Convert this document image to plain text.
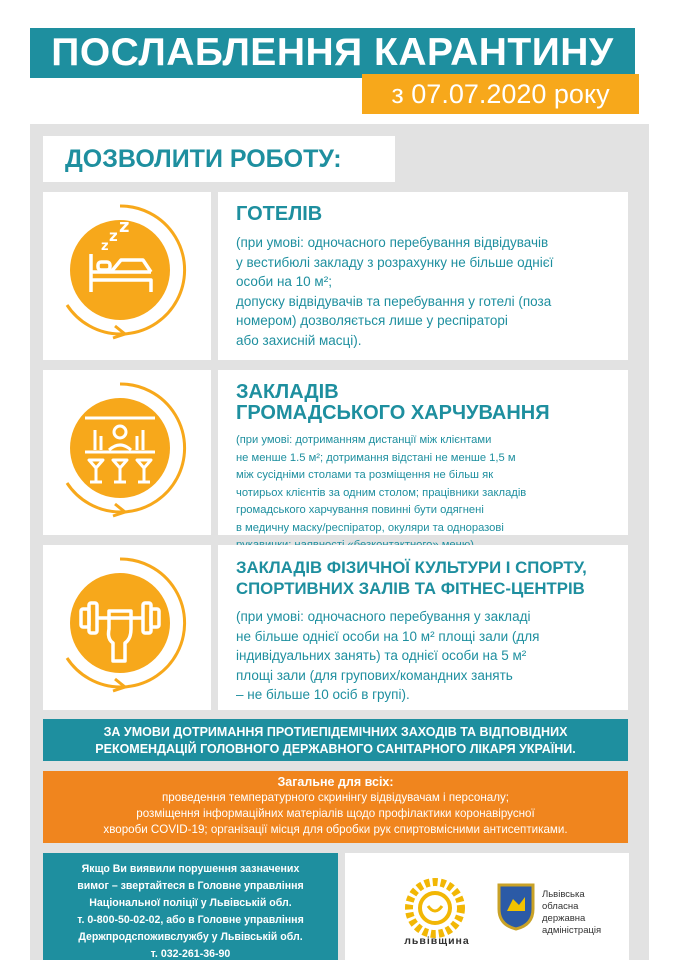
ПОСЛАБЛЕННЯ КАРАНТИНУ
з 07.07.2020 року
ДОЗВОЛИТИ РОБОТУ:
z
z z
ГОТЕЛІВ
(при умові: одночасного перебування відвідувачів
у вестибюлі закладу з розрахунку не більше однієї
особи на 10 м²;
допуску відвідувачів та перебування у готелі (поза
номером) дозволяється лише у респіраторі
або захисній масці).
ЗАКЛАДІВ
ГРОМАДСЬКОГО ХАРЧУВАННЯ
(при умові: дотриманням дистанції між клієнтами
не менше 1.5 м²; дотримання відстані не менше 1,5 м
між сусідніми столами та розміщення не більш як
чотирьох клієнтів за одним столом; працівники закладів
громадського харчування повинні бути одягнені
в медичну маску/респіратор, окуляри та одноразові

ЗАКЛАДІВ ФІЗИЧНОЇ КУЛЬТУРИ І СПОРТУ,
СПОРТИВНИХ ЗАЛІВ ТА ФІТНЕС-ЦЕНТРІВ
(при умові: одночасного перебування у закладі
не більше однієї особи на 10 м² площі зали (для
індивідуальних занять) та однієї особи на 5 м²
площі зали (для групових/командних занять
– не більше 10 осіб в групі).
ЗА УМОВИ ДОТРИМАННЯ ПРОТИЕПІДЕМІЧНИХ ЗАХОДІВ ТА ВІДПОВІДНИХ
РЕКОМЕНДАЦІЙ ГОЛОВНОГО ДЕРЖАВНОГО САНІТАРНОГО ЛІКАРЯ УКРАЇНИ.
Загальне для всіх:
проведення температурного скринінгу відвідувачам і персоналу;
розміщення інформаційних матеріалів щодо профілактики коронавірусної
хвороби COVID-19; організації місця для обробки рук спиртовмісними антисептиками.
Якщо Ви виявили порушення зазначених
вимог – звертайтеся в Головне управління
Національної поліції у Львівській обл.
т. 0-800-50-02-02, або в Головне управління
Держпродспоживслужбу у Львівській обл.
т. 032-261-36-90
львівщина
Львівська
обласна
державна
адміністрація
